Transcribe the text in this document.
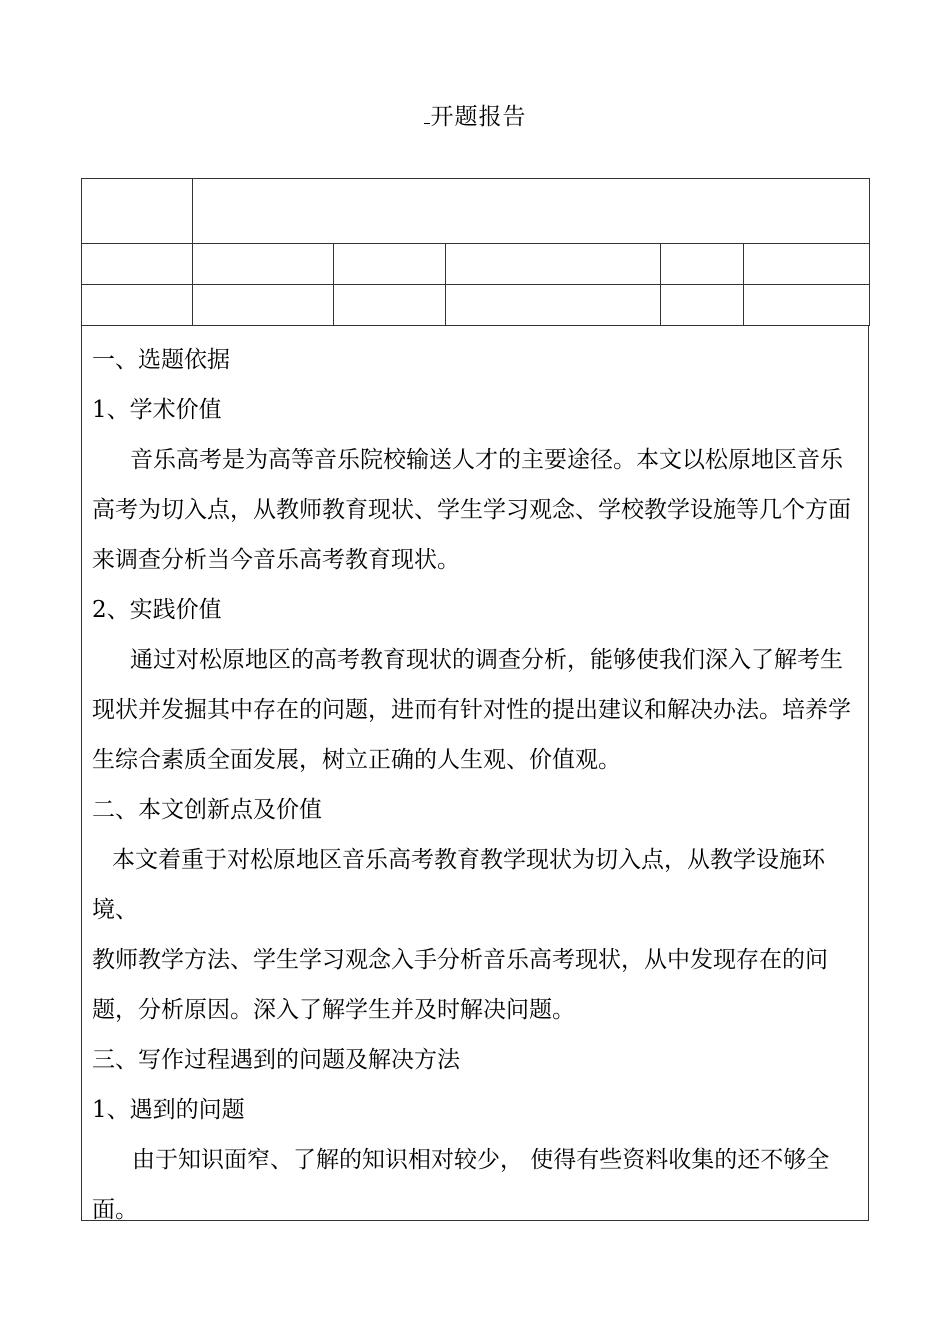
开题报告

一、选题依据

1、学术价值

音乐高考是为高等音乐院校输送人才的主要途径。本文以松原地区音乐高考为切入点，从教师教育现状、学生学习观念、学校教学设施等几个方面来调查分析当今音乐高考教育现状。

2、实践价值

通过对松原地区的高考教育现状的调查分析，能够使我们深入了解考生现状并发掘其中存在的问题，进而有针对性的提出建议和解决办法。培养学生综合素质全面发展，树立正确的人生观、价值观。

二、本文创新点及价值

本文着重于对松原地区音乐高考教育教学现状为切入点，从教学设施环境、

教师教学方法、学生学习观念入手分析音乐高考现状，从中发现存在的问题，分析原因。深入了解学生并及时解决问题。

三、写作过程遇到的问题及解决方法

1、遇到的问题

由于知识面窄、了解的知识相对较少， 使得有些资料收集的还不够全面。
